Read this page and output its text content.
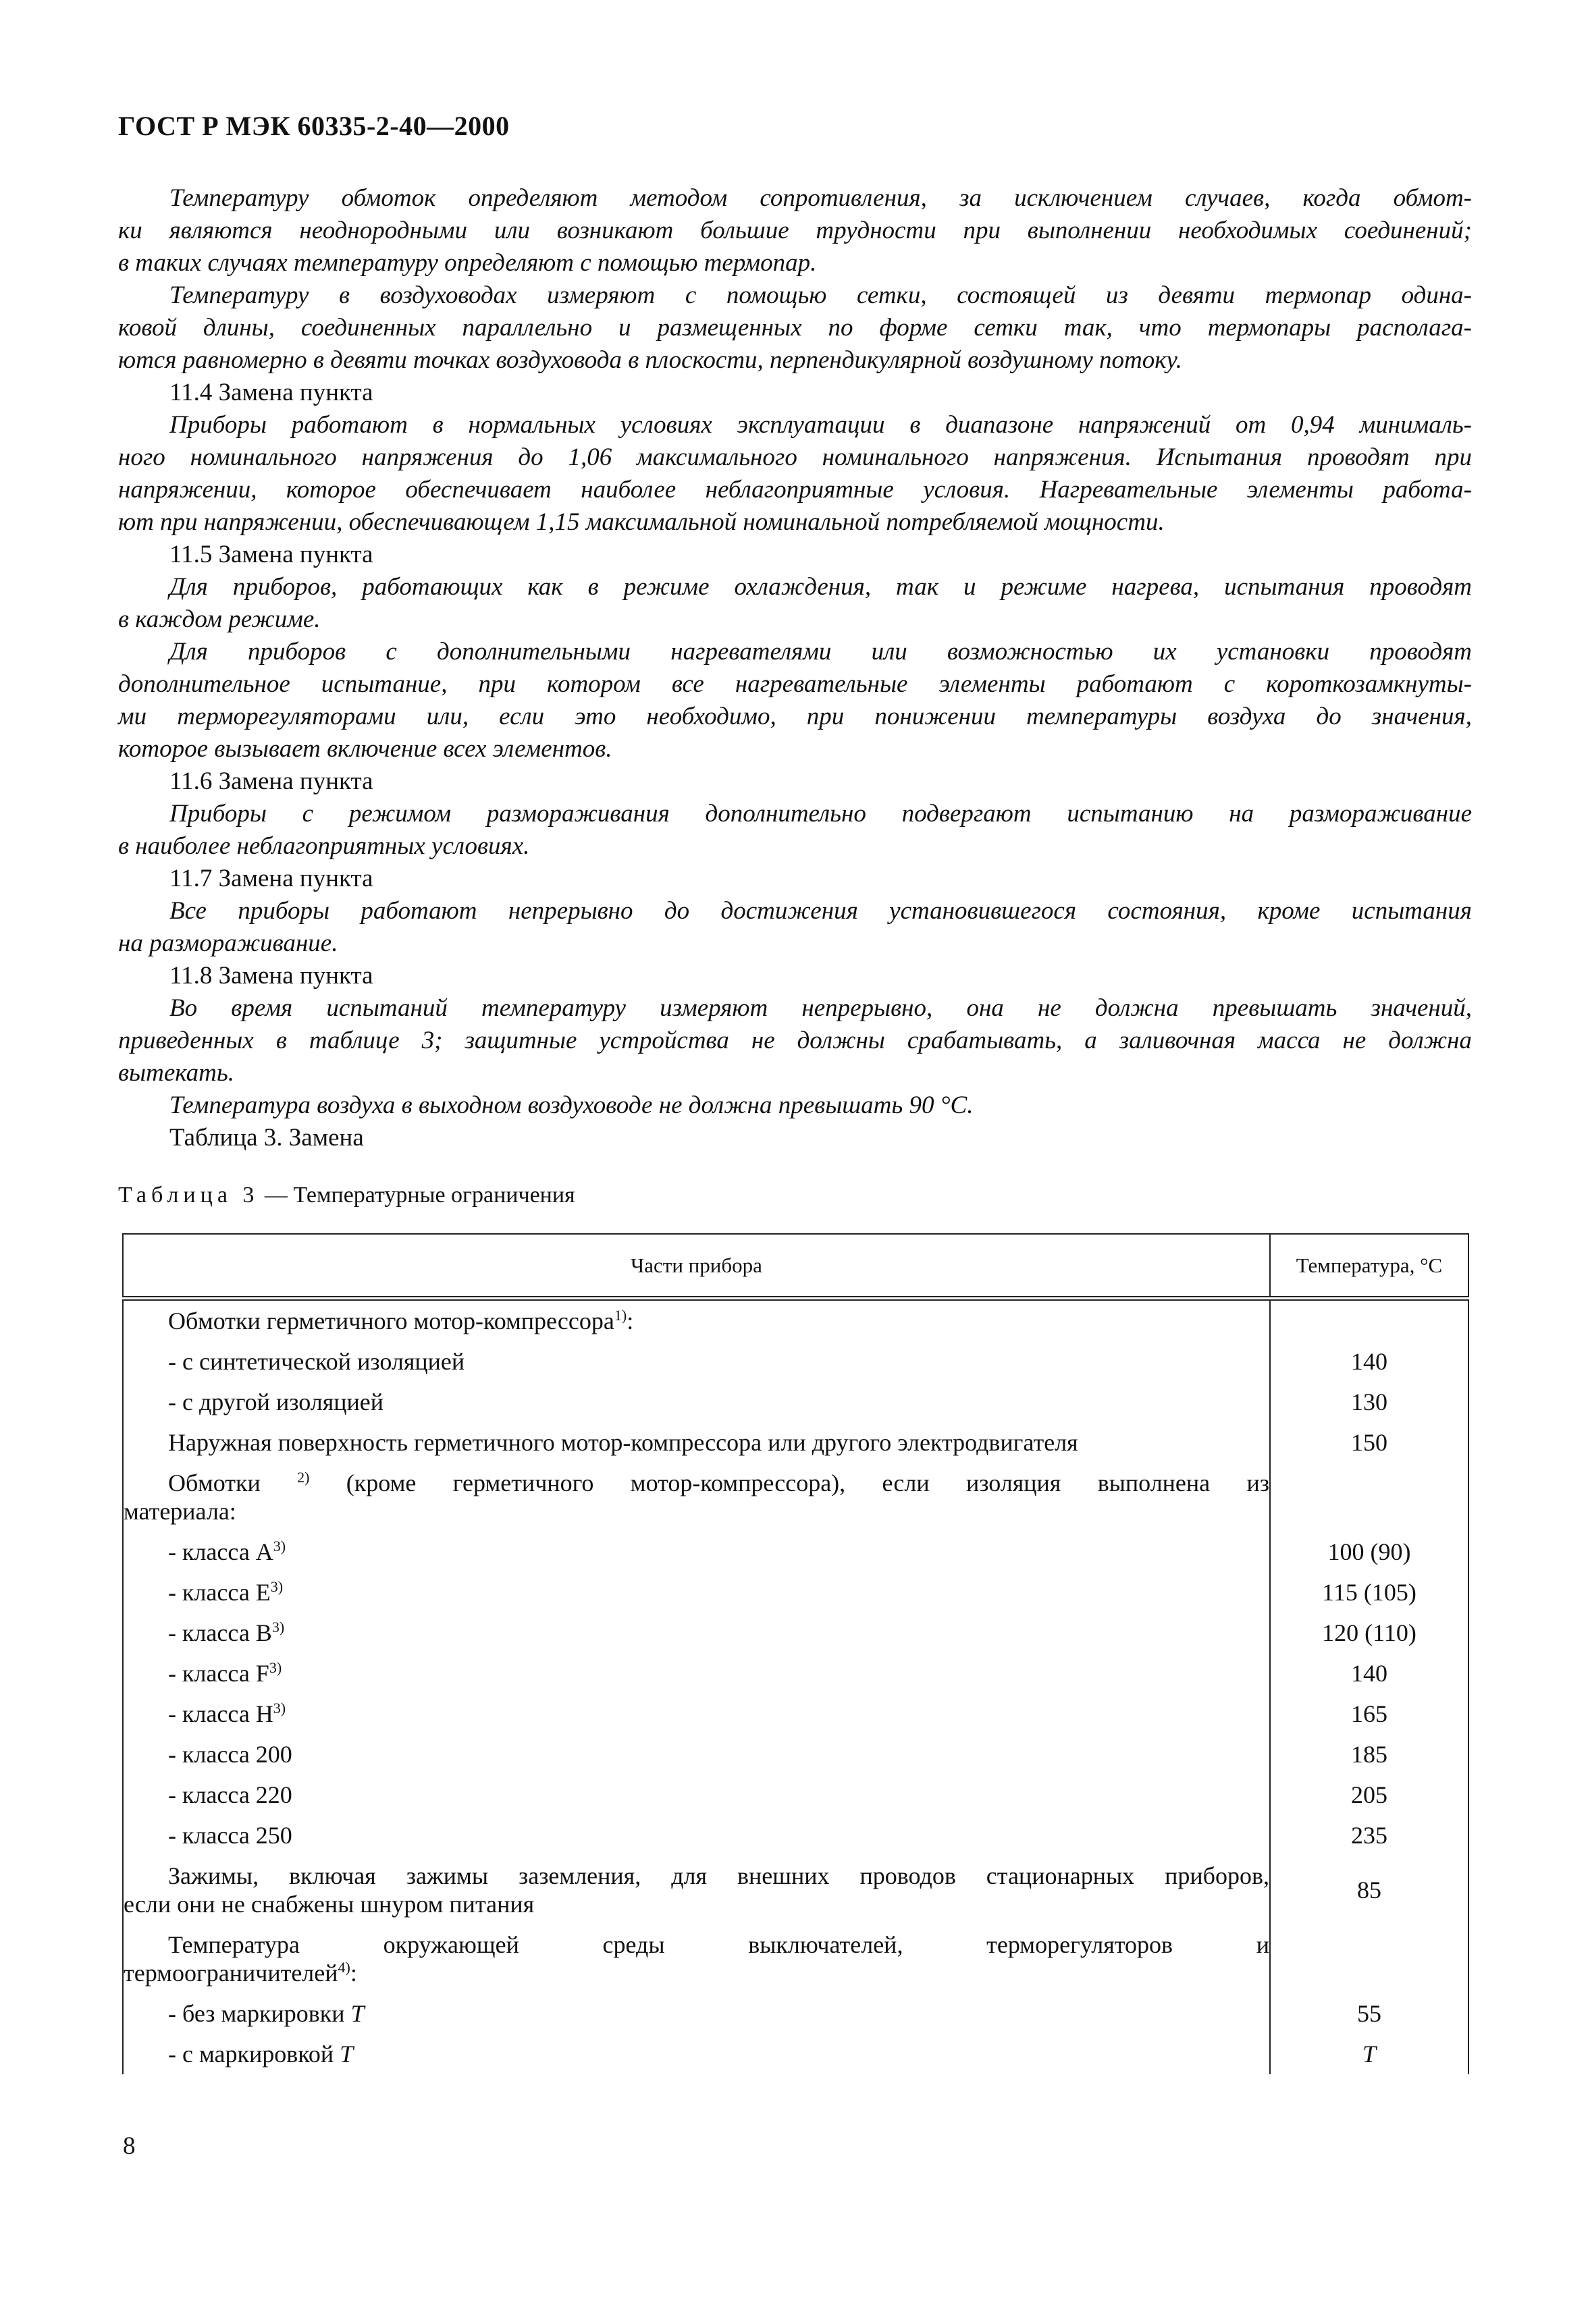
ГОСТ Р МЭК 60335-2-40—2000
Температуру обмоток определяют методом сопротивления, за исключением случаев, когда обмот-
ки являются неоднородными или возникают большие трудности при выполнении необходимых соединений;
в таких случаях температуру определяют с помощью термопар.
Температуру в воздуховодах измеряют с помощью сетки, состоящей из девяти термопар одина-
ковой длины, соединенных параллельно и размещенных по форме сетки так, что термопары располага-
ются равномерно в девяти точках воздуховода в плоскости, перпендикулярной воздушному потоку.
11.4 Замена пункта
Приборы работают в нормальных условиях эксплуатации в диапазоне напряжений от 0,94 минималь-
ного номинального напряжения до 1,06 максимального номинального напряжения. Испытания проводят при
напряжении, которое обеспечивает наиболее неблагоприятные условия. Нагревательные элементы работа-
ют при напряжении, обеспечивающем 1,15 максимальной номинальной потребляемой мощности.
11.5 Замена пункта
Для приборов, работающих как в режиме охлаждения, так и режиме нагрева, испытания проводят
в каждом режиме.
Для приборов с дополнительными нагревателями или возможностью их установки проводят
дополнительное испытание, при котором все нагревательные элементы работают с короткозамкнуты-
ми терморегуляторами или, если это необходимо, при понижении температуры воздуха до значения,
которое вызывает включение всех элементов.
11.6 Замена пункта
Приборы с режимом размораживания дополнительно подвергают испытанию на размораживание
в наиболее неблагоприятных условиях.
11.7 Замена пункта
Все приборы работают непрерывно до достижения установившегося состояния, кроме испытания
на размораживание.
11.8 Замена пункта
Во время испытаний температуру измеряют непрерывно, она не должна превышать значений,
приведенных в таблице 3; защитные устройства не должны срабатывать, а заливочная масса не должна
вытекать.
Температура воздуха в выходном воздуховоде не должна превышать 90 °С.
Таблица 3. Замена
Таблица 3 — Температурные ограничения
Части прибора	Температура, °С

Обмотки герметичного мотор-компрессора$^{1)}$:	

- с синтетической изоляцией	140

- с другой изоляцией	130

Наружная поверхность герметичного мотор-компрессора или другого электродвигателя	150

Обмотки $^{2)}$ (кроме герметичного мотор-компрессора), если изоляция выполнена из
материала:	

- класса $А^{3)}$	100 (90)

- класса $Е^{3)}$	115 (105)

- класса $В^{3)}$	120 (110)

- класса $F^{3)}$	140

- класса $Н^{3)}$	165

- класса 200	185

- класса 220	205

- класса 250	235

Зажимы, включая зажимы заземления, для внешних проводов стационарных приборов,
если они не снабжены шнуром питания	85

Температура окружающей среды выключателей, терморегуляторов и
термоограничителей$^{4)}$:	

- без маркировки T	55

- с маркировкой T	T
8
